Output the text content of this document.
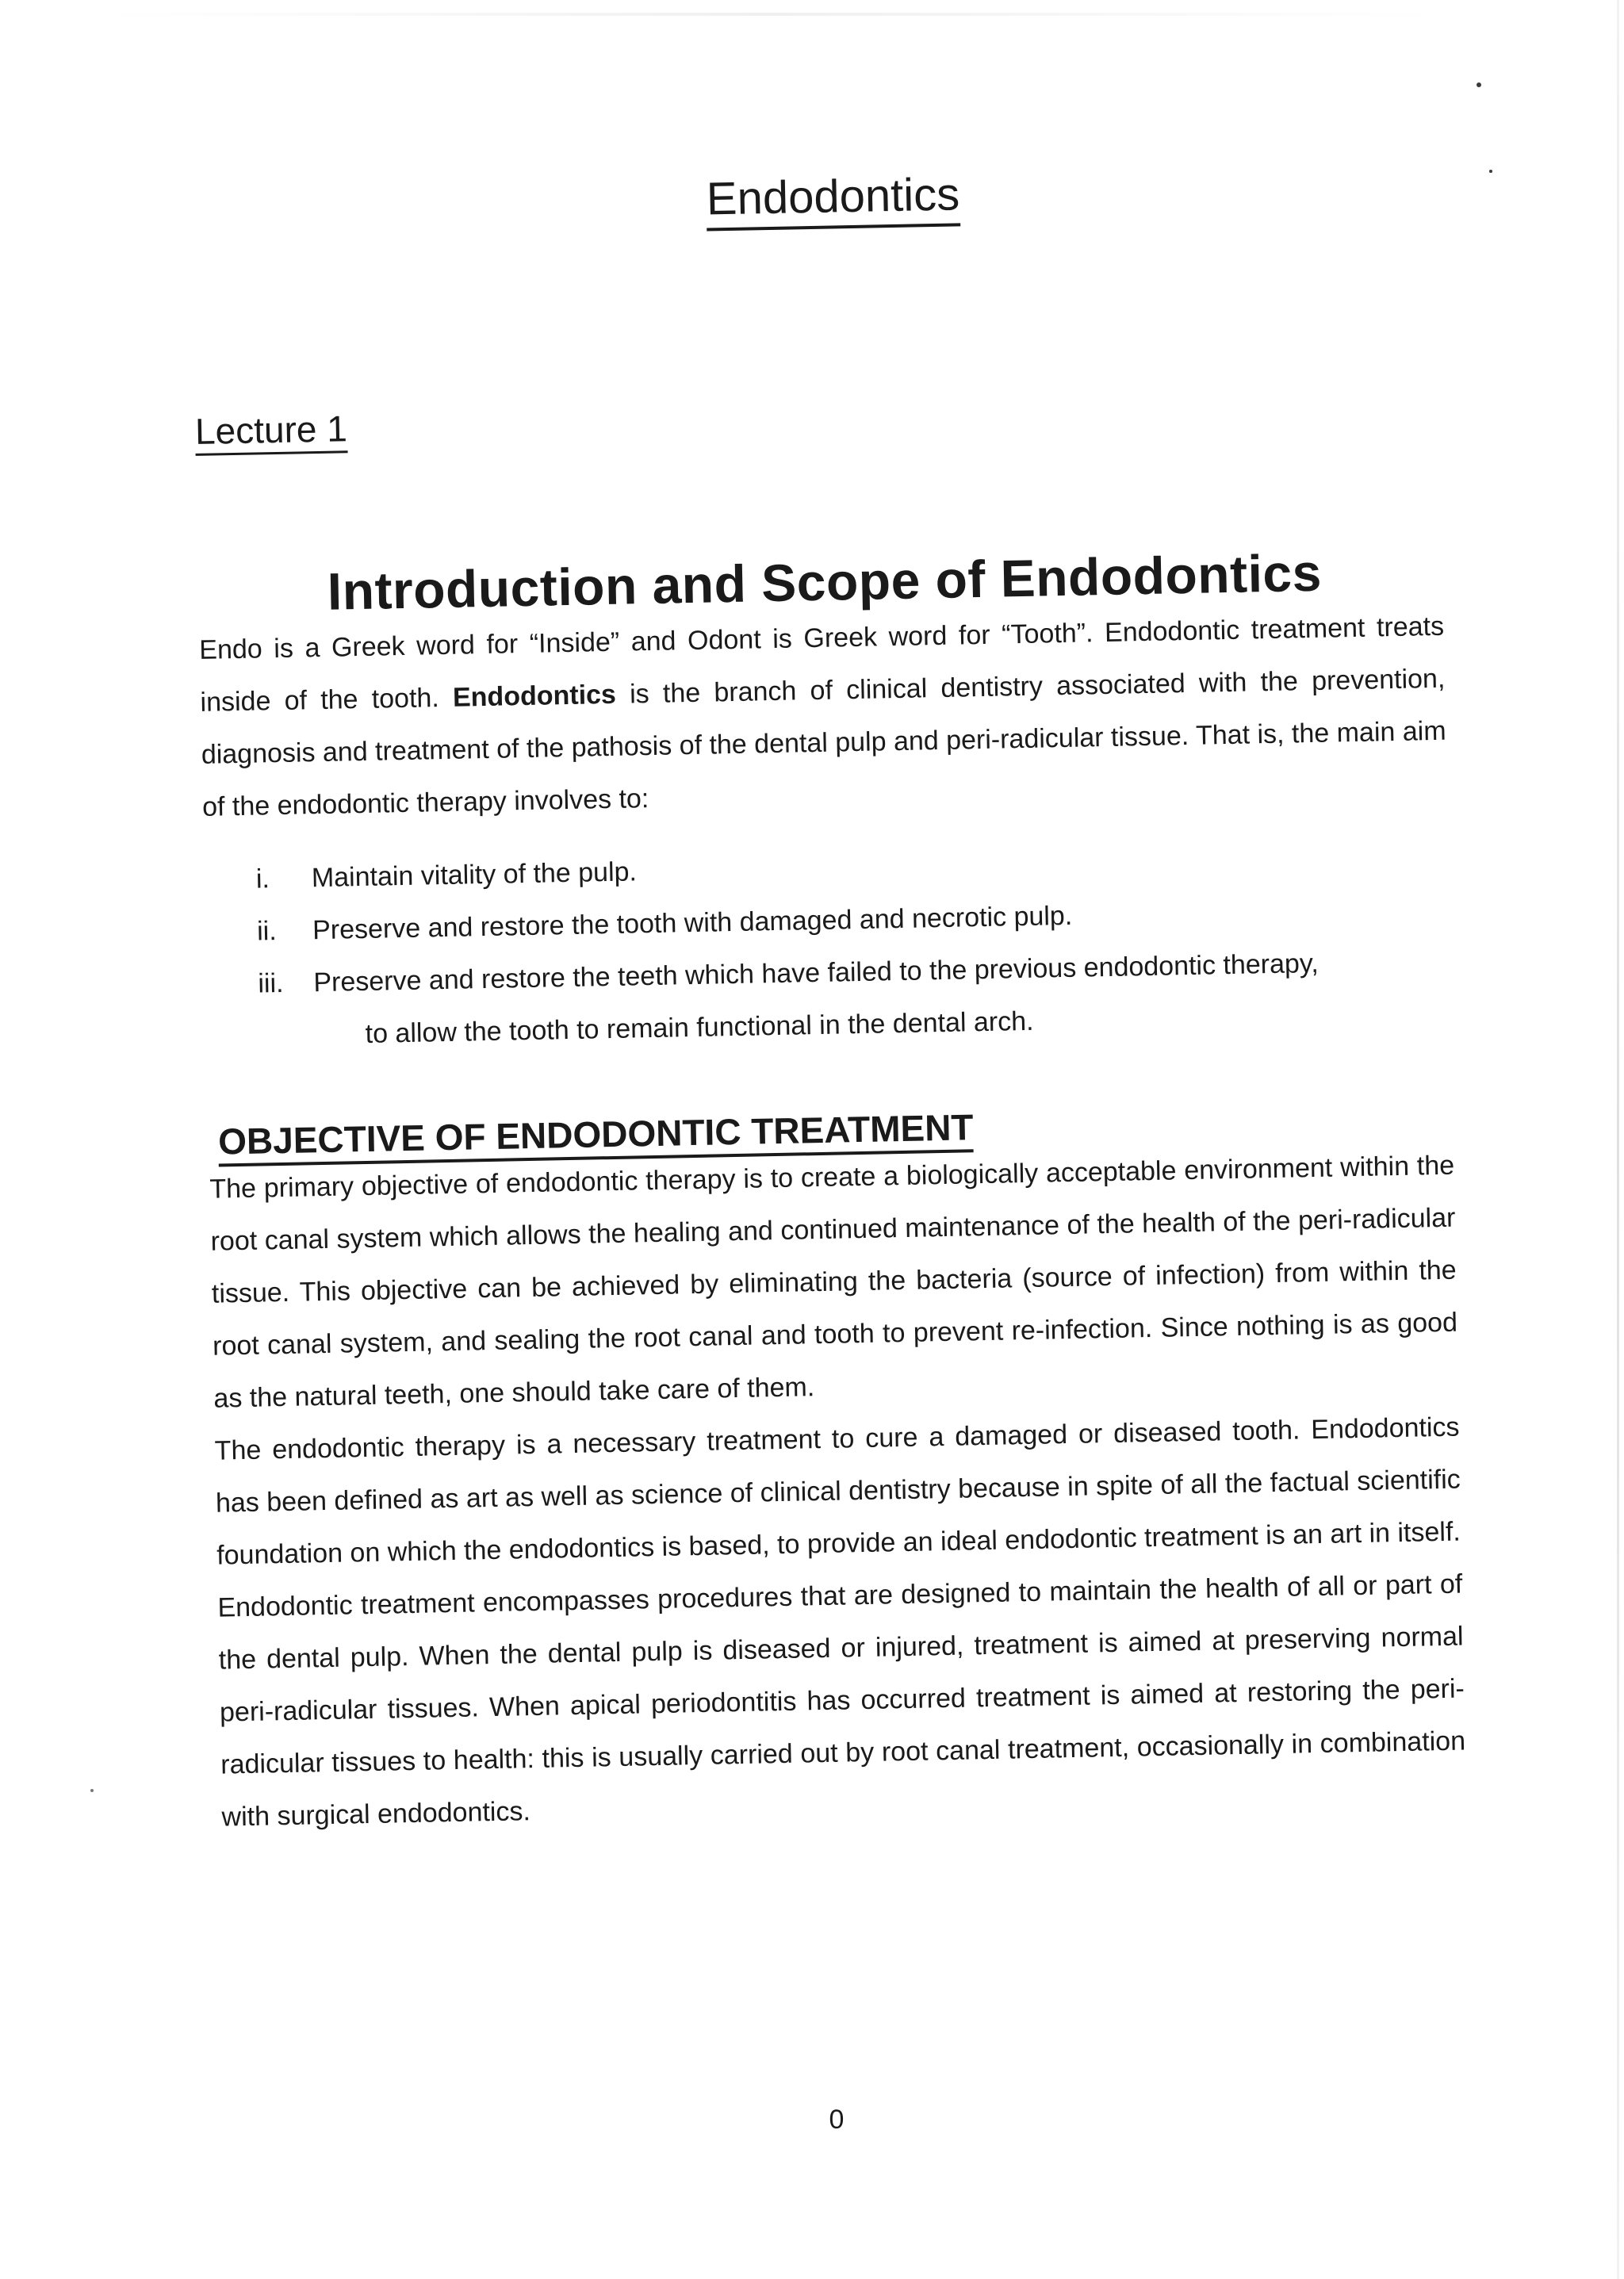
Endodontics
Lecture 1
Introduction and Scope of Endodontics

Endo is a Greek word for “Inside” and Odont is Greek word for “Tooth”. Endodontic treatment treats inside of the tooth. Endodontics is the branch of clinical dentistry associated with the prevention, diagnosis and treatment of the pathosis of the dental pulp and peri-radicular tissue. That is, the main aim of the endodontic therapy involves to:

i.	Maintain vitality of the pulp.
ii.	Preserve and restore the tooth with damaged and necrotic pulp.
iii.	Preserve and restore the teeth which have failed to the previous endodontic therapy,
to allow the tooth to remain functional in the dental arch.
OBJECTIVE OF ENDODONTIC TREATMENT

The primary objective of endodontic therapy is to create a biologically acceptable environment within the root canal system which allows the healing and continued maintenance of the health of the peri-radicular tissue. This objective can be achieved by eliminating the bacteria (source of infection) from within the root canal system, and sealing the root canal and tooth to prevent re-infection. Since nothing is as good as the natural teeth, one should take care of them.

The endodontic therapy is a necessary treatment to cure a damaged or diseased tooth. Endodontics has been defined as art as well as science of clinical dentistry because in spite of all the factual scientific foundation on which the endodontics is based, to provide an ideal endodontic treatment is an art in itself.

Endodontic treatment encompasses procedures that are designed to maintain the health of all or part of the dental pulp. When the dental pulp is diseased or injured, treatment is aimed at preserving normal peri-radicular tissues. When apical periodontitis has occurred treatment is aimed at restoring the peri-radicular tissues to health: this is usually carried out by root canal treatment, occasionally in combination with surgical endodontics.

0
